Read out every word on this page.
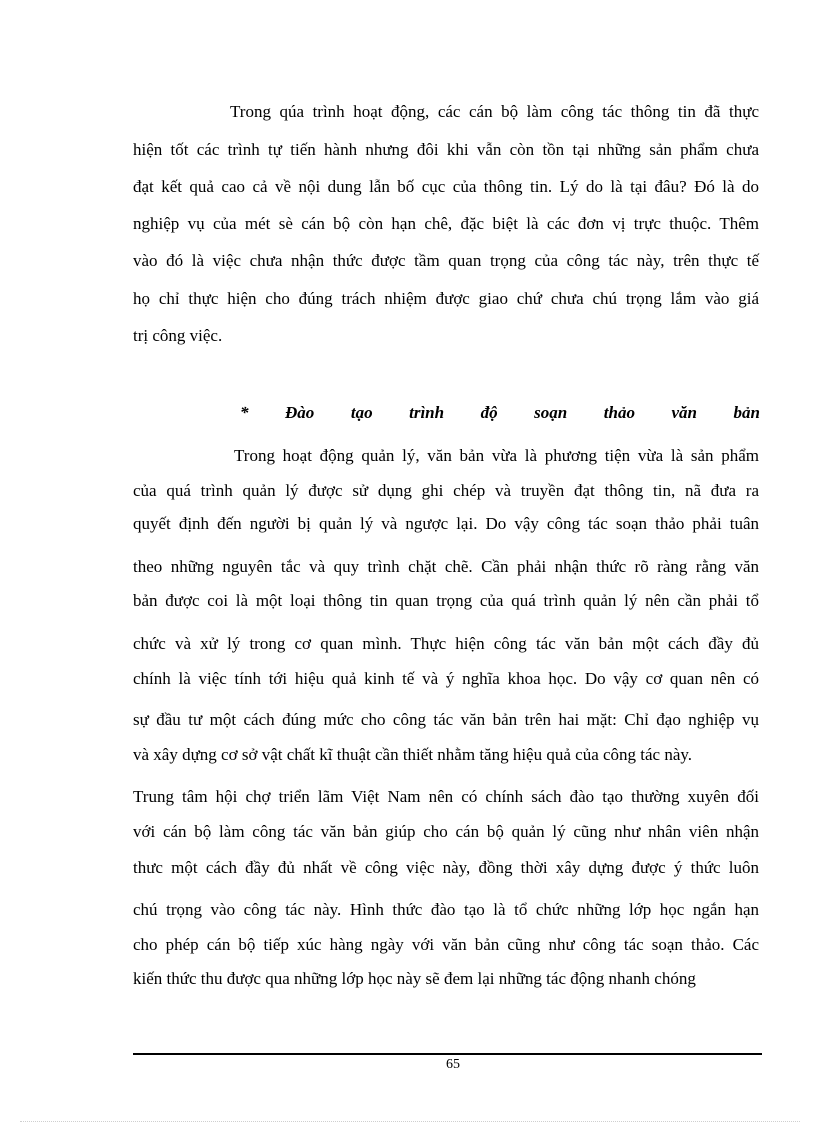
Trong qúa trình hoạt động, các cán bộ làm công tác thông tin đã thực
hiện tốt các trình tự tiến hành nhưng đôi khi vẫn còn tồn tại những sản phẩm chưa
đạt kết quả cao cả về nội dung lẫn bố cục của thông tin. Lý do là tại đâu? Đó là do
nghiệp vụ của mét sè cán bộ còn hạn chê, đặc biệt là các đơn vị trực thuộc. Thêm
vào đó là việc chưa nhận thức được tầm quan trọng của công tác này, trên thực tế
họ chỉ thực hiện cho đúng trách nhiệm được giao chứ chưa chú trọng lắm vào giá
trị công việc.
* Đào tạo trình độ soạn thảo văn bản
Trong hoạt động quản lý, văn bản vừa là phương tiện vừa là sản phẩm
của quá trình quản lý được sử dụng ghi chép và truyền đạt thông tin, nã đưa ra
quyết định đến người bị quản lý và ngược lại. Do vậy công tác soạn thảo phải tuân
theo những nguyên tắc và quy trình chặt chẽ. Cần phải nhận thức rõ ràng rằng văn
bản được coi là một loại thông tin quan trọng của quá trình quản lý nên cần phải tổ
chức và xử lý trong cơ quan mình. Thực hiện công tác văn bản một cách đầy đủ
chính là việc tính tới hiệu quả kinh tế và ý nghĩa khoa học. Do vậy cơ quan nên có
sự đầu tư một cách đúng mức cho công tác văn bản trên hai mặt: Chỉ đạo nghiệp vụ
và xây dựng cơ sở vật chất kĩ thuật cần thiết nhằm tăng hiệu quả của công tác này.
Trung tâm hội chợ triển lãm Việt Nam nên có chính sách đào tạo thường xuyên đối
với cán bộ làm công tác văn bản giúp cho cán bộ quản lý cũng như nhân viên nhận
thưc một cách đầy đủ nhất về công việc này, đồng thời xây dựng được ý thức luôn
chú trọng vào công tác này. Hình thức đào tạo là tổ chức những lớp học ngắn hạn
cho phép cán bộ tiếp xúc hàng ngày với văn bản cũng như công tác soạn thảo. Các
kiến thức thu được qua những lớp học này sẽ đem lại những tác động nhanh chóng
65
